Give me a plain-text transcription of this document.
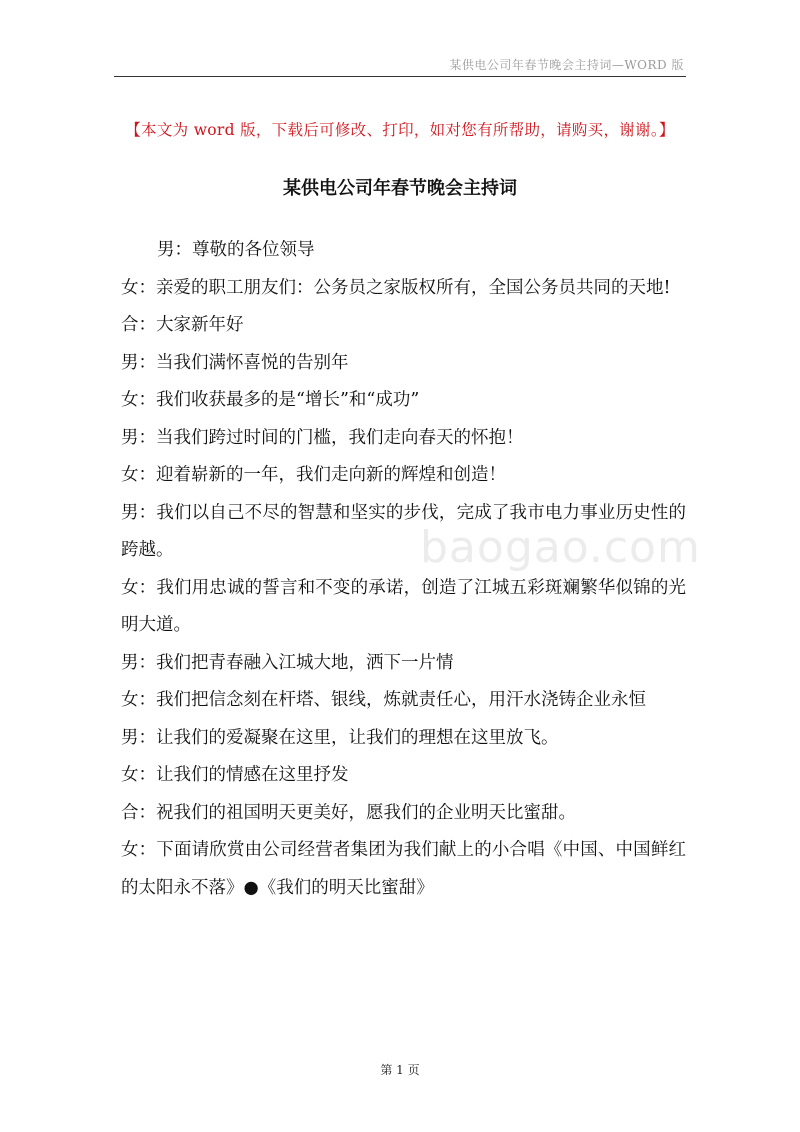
某供电公司年春节晚会主持词—WORD 版
【本文为 word 版，下载后可修改、打印，如对您有所帮助，请购买，谢谢。】
某供电公司年春节晚会主持词
baogao.com

男：尊敬的各位领导

女：亲爱的职工朋友们：公务员之家版权所有，全国公务员共同的天地!

合：大家新年好

男：当我们满怀喜悦的告别年

女：我们收获最多的是“增长”和“成功”

男：当我们跨过时间的门槛，我们走向春天的怀抱！

女：迎着崭新的一年，我们走向新的辉煌和创造！

男：我们以自己不尽的智慧和坚实的步伐，完成了我市电力事业历史性的跨越。

女：我们用忠诚的誓言和不变的承诺，创造了江城五彩斑斓繁华似锦的光明大道。

男：我们把青春融入江城大地，洒下一片情

女：我们把信念刻在杆塔、银线，炼就责任心，用汗水浇铸企业永恒

男：让我们的爱凝聚在这里，让我们的理想在这里放飞。

女：让我们的情感在这里抒发

合：祝我们的祖国明天更美好，愿我们的企业明天比蜜甜。

女：下面请欣赏由公司经营者集团为我们献上的小合唱《中国、中国鲜红的太阳永不落》●《我们的明天比蜜甜》

第 1 页
